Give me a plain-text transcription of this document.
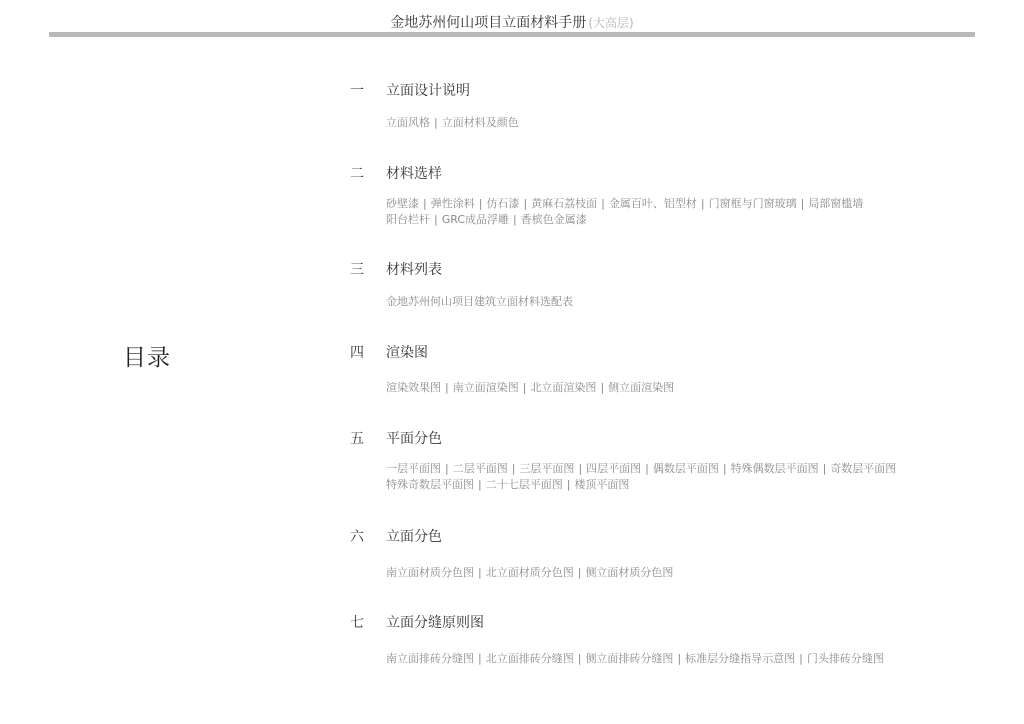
金地苏州何山项目立面材料手册 (大高层)
目录
一	立面设计说明
立面风格 | 立面材料及颜色
二	材料选样
砂壁漆 | 弹性涂料 | 仿石漆 | 黄麻石荔枝面 | 金属百叶、铝型材 | 门窗框与门窗玻璃 | 局部窗槛墙
阳台栏杆 | GRC成品浮雕 | 香槟色金属漆
三	材料列表
金地苏州何山项目建筑立面材料选配表
四	渲染图
渲染效果图 | 南立面渲染图 | 北立面渲染图 | 侧立面渲染图
五	平面分色
一层平面图 | 二层平面图 | 三层平面图 | 四层平面图 | 偶数层平面图 | 特殊偶数层平面图 | 奇数层平面图
特殊奇数层平面图 | 二十七层平面图 | 楼顶平面图
六	立面分色
南立面材质分色图 | 北立面材质分色图 | 侧立面材质分色图
七	立面分缝原则图
南立面排砖分缝图 | 北立面排砖分缝图 | 侧立面排砖分缝图 | 标准层分缝指导示意图 | 门头排砖分缝图
